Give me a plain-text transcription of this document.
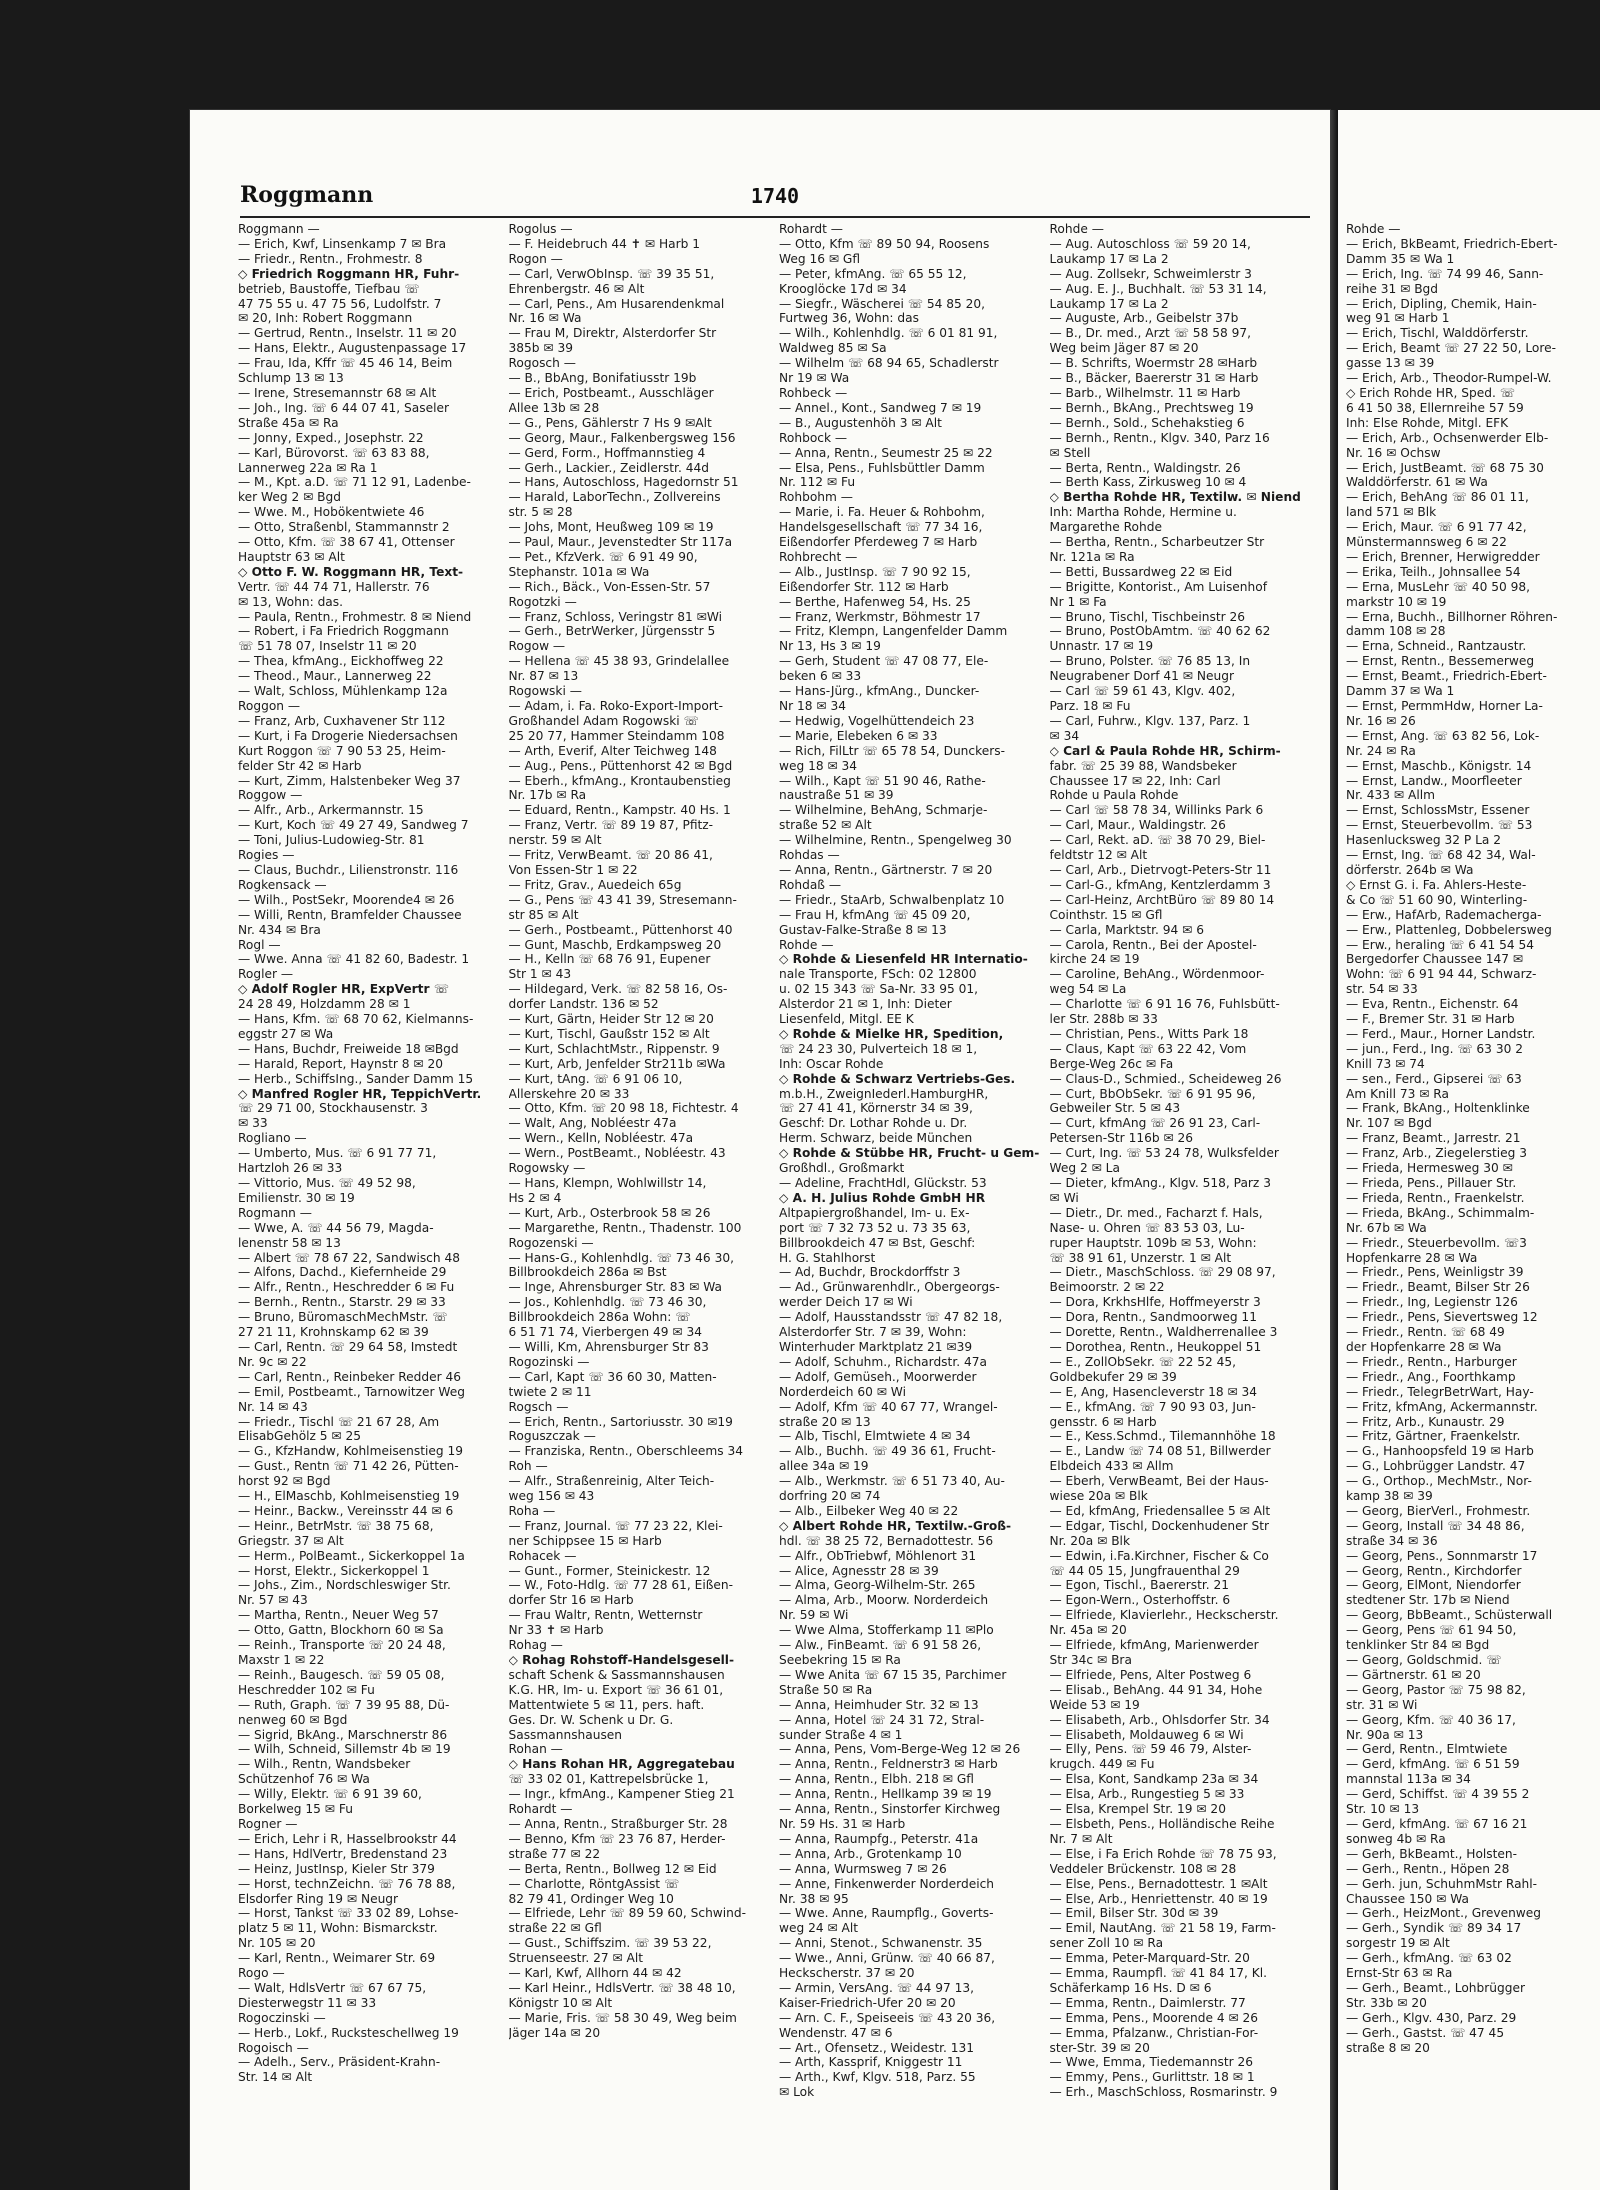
Roggmann	1740
Roggmann —
— Erich, Kwf, Linsenkamp 7 ✉ Bra
— Friedr., Rentn., Frohmestr. 8
◇ Friedrich Roggmann HR, Fuhr-
betrieb, Baustoffe, Tiefbau ☏
47 75 55 u. 47 75 56, Ludolfstr. 7
✉ 20, Inh: Robert Roggmann
— Gertrud, Rentn., Inselstr. 11 ✉ 20
— Hans, Elektr., Augustenpassage 17
— Frau, Ida, Kffr ☏ 45 46 14, Beim
Schlump 13 ✉ 13
— Irene, Stresemannstr 68 ✉ Alt
— Joh., Ing. ☏ 6 44 07 41, Saseler
Straße 45a ✉ Ra
— Jonny, Exped., Josephstr. 22
— Karl, Bürovorst. ☏ 63 83 88,
Lannerweg 22a ✉ Ra 1
— M., Kpt. a.D. ☏ 71 12 91, Ladenbe-
ker Weg 2 ✉ Bgd
— Wwe. M., Hobökentwiete 46
— Otto, Straßenbl, Stammannstr 2
— Otto, Kfm. ☏ 38 67 41, Ottenser
Hauptstr 63 ✉ Alt
◇ Otto F. W. Roggmann HR, Text-
Vertr. ☏ 44 74 71, Hallerstr. 76
✉ 13, Wohn: das.
— Paula, Rentn., Frohmestr. 8 ✉ Niend
— Robert, i Fa Friedrich Roggmann
☏ 51 78 07, Inselstr 11 ✉ 20
— Thea, kfmAng., Eickhoffweg 22
— Theod., Maur., Lannerweg 22
— Walt, Schloss, Mühlenkamp 12a
Roggon —
— Franz, Arb, Cuxhavener Str 112
— Kurt, i Fa Drogerie Niedersachsen
Kurt Roggon ☏ 7 90 53 25, Heim-
felder Str 42 ✉ Harb
— Kurt, Zimm, Halstenbeker Weg 37
Roggow —
— Alfr., Arb., Arkermannstr. 15
— Kurt, Koch ☏ 49 27 49, Sandweg 7
— Toni, Julius-Ludowieg-Str. 81
Rogies —
— Claus, Buchdr., Lilienstronstr. 116
Rogkensack —
— Wilh., PostSekr, Moorende4 ✉ 26
— Willi, Rentn, Bramfelder Chaussee
Nr. 434 ✉ Bra
Rogl —
— Wwe. Anna ☏ 41 82 60, Badestr. 1
Rogler —
◇ Adolf Rogler HR, ExpVertr ☏
24 28 49, Holzdamm 28 ✉ 1
— Hans, Kfm. ☏ 68 70 62, Kielmanns-
eggstr 27 ✉ Wa
— Hans, Buchdr, Freiweide 18 ✉Bgd
— Harald, Report, Haynstr 8 ✉ 20
— Herb., SchiffsIng., Sander Damm 15
◇ Manfred Rogler HR, TeppichVertr.
☏ 29 71 00, Stockhausenstr. 3
✉ 33
Rogliano —
— Umberto, Mus. ☏ 6 91 77 71,
Hartzloh 26 ✉ 33
— Vittorio, Mus. ☏ 49 52 98,
Emilienstr. 30 ✉ 19
Rogmann —
— Wwe, A. ☏ 44 56 79, Magda-
lenenstr 58 ✉ 13
— Albert ☏ 78 67 22, Sandwisch 48
— Alfons, Dachd., Kiefernheide 29
— Alfr., Rentn., Heschredder 6 ✉ Fu
— Bernh., Rentn., Starstr. 29 ✉ 33
— Bruno, BüromaschMechMstr. ☏
27 21 11, Krohnskamp 62 ✉ 39
— Carl, Rentn. ☏ 29 64 58, Imstedt
Nr. 9c ✉ 22
— Carl, Rentn., Reinbeker Redder 46
— Emil, Postbeamt., Tarnowitzer Weg
Nr. 14 ✉ 43
— Friedr., Tischl ☏ 21 67 28, Am
ElisabGehölz 5 ✉ 25
— G., KfzHandw, Kohlmeisenstieg 19
— Gust., Rentn ☏ 71 42 26, Pütten-
horst 92 ✉ Bgd
— H., ElMaschb, Kohlmeisenstieg 19
— Heinr., Backw., Vereinsstr 44 ✉ 6
— Heinr., BetrMstr. ☏ 38 75 68,
Griegstr. 37 ✉ Alt
— Herm., PolBeamt., Sickerkoppel 1a
— Horst, Elektr., Sickerkoppel 1
— Johs., Zim., Nordschleswiger Str.
Nr. 57 ✉ 43
— Martha, Rentn., Neuer Weg 57
— Otto, Gattn, Blockhorn 60 ✉ Sa
— Reinh., Transporte ☏ 20 24 48,
Maxstr 1 ✉ 22
— Reinh., Baugesch. ☏ 59 05 08,
Heschredder 102 ✉ Fu
— Ruth, Graph. ☏ 7 39 95 88, Dü-
nenweg 60 ✉ Bgd
— Sigrid, BkAng., Marschnerstr 86
— Wilh, Schneid, Sillemstr 4b ✉ 19
— Wilh., Rentn, Wandsbeker
Schützenhof 76 ✉ Wa
— Willy, Elektr. ☏ 6 91 39 60,
Borkelweg 15 ✉ Fu
Rogner —
— Erich, Lehr i R, Hasselbrookstr 44
— Hans, HdlVertr, Bredenstand 23
— Heinz, JustInsp, Kieler Str 379
— Horst, technZeichn. ☏ 76 78 88,
Elsdorfer Ring 19 ✉ Neugr
— Horst, Tankst ☏ 33 02 89, Lohse-
platz 5 ✉ 11, Wohn: Bismarckstr.
Nr. 105 ✉ 20
— Karl, Rentn., Weimarer Str. 69
Rogo —
— Walt, HdlsVertr ☏ 67 67 75,
Diesterwegstr 11 ✉ 33
Rogoczinski —
— Herb., Lokf., Rucksteschellweg 19
Rogoisch —
— Adelh., Serv., Präsident-Krahn-
Str. 14 ✉ Alt
Rogolus —
— F. Heidebruch 44 ✝ ✉ Harb 1
Rogon —
— Carl, VerwObInsp. ☏ 39 35 51,
Ehrenbergstr. 46 ✉ Alt
— Carl, Pens., Am Husarendenkmal
Nr. 16 ✉ Wa
— Frau M, Direktr, Alsterdorfer Str
385b ✉ 39
Rogosch —
— B., BbAng, Bonifatiusstr 19b
— Erich, Postbeamt., Ausschläger
Allee 13b ✉ 28
— G., Pens, Gählerstr 7 Hs 9 ✉Alt
— Georg, Maur., Falkenbergsweg 156
— Gerd, Form., Hoffmannstieg 4
— Gerh., Lackier., Zeidlerstr. 44d
— Hans, Autoschloss, Hagedornstr 51
— Harald, LaborTechn., Zollvereins
str. 5 ✉ 28
— Johs, Mont, Heußweg 109 ✉ 19
— Paul, Maur., Jevenstedter Str 117a
— Pet., KfzVerk. ☏ 6 91 49 90,
Stephanstr. 101a ✉ Wa
— Rich., Bäck., Von-Essen-Str. 57
Rogotzki —
— Franz, Schloss, Veringstr 81 ✉Wi
— Gerh., BetrWerker, Jürgensstr 5
Rogow —
— Hellena ☏ 45 38 93, Grindelallee
Nr. 87 ✉ 13
Rogowski —
— Adam, i. Fa. Roko-Export-Import-
Großhandel Adam Rogowski ☏
25 20 77, Hammer Steindamm 108
— Arth, Everif, Alter Teichweg 148
— Aug., Pens., Püttenhorst 42 ✉ Bgd
— Eberh., kfmAng., Krontaubenstieg
Nr. 17b ✉ Ra
— Eduard, Rentn., Kampstr. 40 Hs. 1
— Franz, Vertr. ☏ 89 19 87, Pfitz-
nerstr. 59 ✉ Alt
— Fritz, VerwBeamt. ☏ 20 86 41,
Von Essen-Str 1 ✉ 22
— Fritz, Grav., Auedeich 65g
— G., Pens ☏ 43 41 39, Stresemann-
str 85 ✉ Alt
— Gerh., Postbeamt., Püttenhorst 40
— Gunt, Maschb, Erdkampsweg 20
— H., Kelln ☏ 68 76 91, Eupener
Str 1 ✉ 43
— Hildegard, Verk. ☏ 82 58 16, Os-
dorfer Landstr. 136 ✉ 52
— Kurt, Gärtn, Heider Str 12 ✉ 20
— Kurt, Tischl, Gaußstr 152 ✉ Alt
— Kurt, SchlachtMstr., Rippenstr. 9
— Kurt, Arb, Jenfelder Str211b ✉Wa
— Kurt, tAng. ☏ 6 91 06 10,
Allerskehre 20 ✉ 33
— Otto, Kfm. ☏ 20 98 18, Fichtestr. 4
— Walt, Ang, Nobléestr 47a
— Wern., Kelln, Nobléestr. 47a
— Wern., PostBeamt., Nobléestr. 43
Rogowsky —
— Hans, Klempn, Wohlwillstr 14,
Hs 2 ✉ 4
— Kurt, Arb., Osterbrook 58 ✉ 26
— Margarethe, Rentn., Thadenstr. 100
Rogozenski —
— Hans-G., Kohlenhdlg. ☏ 73 46 30,
Billbrookdeich 286a ✉ Bst
— Inge, Ahrensburger Str. 83 ✉ Wa
— Jos., Kohlenhdlg. ☏ 73 46 30,
Billbrookdeich 286a Wohn: ☏
6 51 71 74, Vierbergen 49 ✉ 34
— Willi, Km, Ahrensburger Str 83
Rogozinski —
— Carl, Kapt ☏ 36 60 30, Matten-
twiete 2 ✉ 11
Rogsch —
— Erich, Rentn., Sartoriusstr. 30 ✉19
Roguszczak —
— Franziska, Rentn., Oberschleems 34
Roh —
— Alfr., Straßenreinig, Alter Teich-
weg 156 ✉ 43
Roha —
— Franz, Journal. ☏ 77 23 22, Klei-
ner Schippsee 15 ✉ Harb
Rohacek —
— Gunt., Former, Steinickestr. 12
— W., Foto-Hdlg. ☏ 77 28 61, Eißen-
dorfer Str 16 ✉ Harb
— Frau Waltr, Rentn, Wetternstr
Nr 33 ✝ ✉ Harb
Rohag —
◇ Rohag Rohstoff-Handelsgesell-
schaft Schenk & Sassmannshausen
K.G. HR, Im- u. Export ☏ 36 61 01,
Mattentwiete 5 ✉ 11, pers. haft.
Ges. Dr. W. Schenk u Dr. G.
Sassmannshausen
Rohan —
◇ Hans Rohan HR, Aggregatebau
☏ 33 02 01, Kattrepelsbrücke 1,
— Ingr., kfmAng., Kampener Stieg 21
Rohardt —
— Anna, Rentn., Straßburger Str. 28
— Benno, Kfm ☏ 23 76 87, Herder-
straße 77 ✉ 22
— Berta, Rentn., Bollweg 12 ✉ Eid
— Charlotte, RöntgAssist ☏
82 79 41, Ordinger Weg 10
— Elfriede, Lehr ☏ 89 59 60, Schwind-
straße 22 ✉ Gfl
— Gust., Schiffszim. ☏ 39 53 22,
Struenseestr. 27 ✉ Alt
— Karl, Kwf, Allhorn 44 ✉ 42
— Karl Heinr., HdlsVertr. ☏ 38 48 10,
Königstr 10 ✉ Alt
— Marie, Fris. ☏ 58 30 49, Weg beim
Jäger 14a ✉ 20
Rohardt —
— Otto, Kfm ☏ 89 50 94, Roosens
Weg 16 ✉ Gfl
— Peter, kfmAng. ☏ 65 55 12,
Krooglöcke 17d ✉ 34
— Siegfr., Wäscherei ☏ 54 85 20,
Furtweg 36, Wohn: das
— Wilh., Kohlenhdlg. ☏ 6 01 81 91,
Waldweg 85 ✉ Sa
— Wilhelm ☏ 68 94 65, Schadlerstr
Nr 19 ✉ Wa
Rohbeck —
— Annel., Kont., Sandweg 7 ✉ 19
— B., Augustenhöh 3 ✉ Alt
Rohbock —
— Anna, Rentn., Seumestr 25 ✉ 22
— Elsa, Pens., Fuhlsbüttler Damm
Nr. 112 ✉ Fu
Rohbohm —
— Marie, i. Fa. Heuer & Rohbohm,
Handelsgesellschaft ☏ 77 34 16,
Eißendorfer Pferdeweg 7 ✉ Harb
Rohbrecht —
— Alb., JustInsp. ☏ 7 90 92 15,
Eißendorfer Str. 112 ✉ Harb
— Berthe, Hafenweg 54, Hs. 25
— Franz, Werkmstr, Böhmestr 17
— Fritz, Klempn, Langenfelder Damm
Nr 13, Hs 3 ✉ 19
— Gerh, Student ☏ 47 08 77, Ele-
beken 6 ✉ 33
— Hans-Jürg., kfmAng., Duncker-
Nr 18 ✉ 34
— Hedwig, Vogelhüttendeich 23
— Marie, Elebeken 6 ✉ 33
— Rich, FilLtr ☏ 65 78 54, Dunckers-
weg 18 ✉ 34
— Wilh., Kapt ☏ 51 90 46, Rathe-
naustraße 51 ✉ 39
— Wilhelmine, BehAng, Schmarje-
straße 52 ✉ Alt
— Wilhelmine, Rentn., Spengelweg 30
Rohdas —
— Anna, Rentn., Gärtnerstr. 7 ✉ 20
Rohdaß —
— Friedr., StaArb, Schwalbenplatz 10
— Frau H, kfmAng ☏ 45 09 20,
Gustav-Falke-Straße 8 ✉ 13
Rohde —
◇ Rohde & Liesenfeld HR Internatio-
nale Transporte, FSch: 02 12800
u. 02 15 343 ☏ Sa-Nr. 33 95 01,
Alsterdor 21 ✉ 1, Inh: Dieter
Liesenfeld, Mitgl. EE K
◇ Rohde & Mielke HR, Spedition,
☏ 24 23 30, Pulverteich 18 ✉ 1,
Inh: Oscar Rohde
◇ Rohde & Schwarz Vertriebs-Ges.
m.b.H., ZweignIederl.HamburgHR,
☏ 27 41 41, Körnerstr 34 ✉ 39,
Geschf: Dr. Lothar Rohde u. Dr.
Herm. Schwarz, beide München
◇ Rohde & Stübbe HR, Frucht- u Gem-
Großhdl., Großmarkt
— Adeline, FrachtHdl, Glückstr. 53
◇ A. H. Julius Rohde GmbH HR
Altpapiergroßhandel, Im- u. Ex-
port ☏ 7 32 73 52 u. 73 35 63,
Billbrookdeich 47 ✉ Bst, Geschf:
H. G. Stahlhorst
— Ad, Buchdr, Brockdorffstr 3
— Ad., Grünwarenhdlr., Obergeorgs-
werder Deich 17 ✉ Wi
— Adolf, Hausstandsstr ☏ 47 82 18,
Alsterdorfer Str. 7 ✉ 39, Wohn:
Winterhuder Marktplatz 21 ✉39
— Adolf, Schuhm., Richardstr. 47a
— Adolf, Gemüseh., Moorwerder
Norderdeich 60 ✉ Wi
— Adolf, Kfm ☏ 40 67 77, Wrangel-
straße 20 ✉ 13
— Alb, Tischl, Elmtwiete 4 ✉ 34
— Alb., Buchh. ☏ 49 36 61, Frucht-
allee 34a ✉ 19
— Alb., Werkmstr. ☏ 6 51 73 40, Au-
dorfring 20 ✉ 74
— Alb., Eilbeker Weg 40 ✉ 22
◇ Albert Rohde HR, Textilw.-Groß-
hdl. ☏ 38 25 72, Bernadottestr. 56
— Alfr., ObTriebwf, Möhlenort 31
— Alice, Agnesstr 28 ✉ 39
— Alma, Georg-Wilhelm-Str. 265
— Alma, Arb., Moorw. Norderdeich
Nr. 59 ✉ Wi
— Wwe Alma, Stofferkamp 11 ✉Plo
— Alw., FinBeamt. ☏ 6 91 58 26,
Seebekring 15 ✉ Ra
— Wwe Anita ☏ 67 15 35, Parchimer
Straße 50 ✉ Ra
— Anna, Heimhuder Str. 32 ✉ 13
— Anna, Hotel ☏ 24 31 72, Stral-
sunder Straße 4 ✉ 1
— Anna, Pens, Vom-Berge-Weg 12 ✉ 26
— Anna, Rentn., Feldnerstr3 ✉ Harb
— Anna, Rentn., Elbh. 218 ✉ Gfl
— Anna, Rentn., Hellkamp 39 ✉ 19
— Anna, Rentn., Sinstorfer Kirchweg
Nr. 59 Hs. 31 ✉ Harb
— Anna, Raumpfg., Peterstr. 41a
— Anna, Arb., Grotenkamp 10
— Anna, Wurmsweg 7 ✉ 26
— Anne, Finkenwerder Norderdeich
Nr. 38 ✉ 95
— Wwe. Anne, Raumpflg., Goverts-
weg 24 ✉ Alt
— Anni, Stenot., Schwanenstr. 35
— Wwe., Anni, Grünw. ☏ 40 66 87,
Heckscherstr. 37 ✉ 20
— Armin, VersAng. ☏ 44 97 13,
Kaiser-Friedrich-Ufer 20 ✉ 20
— Arn. C. F., Speiseeis ☏ 43 20 36,
Wendenstr. 47 ✉ 6
— Art., Ofensetz., Weidestr. 131
— Arth, Kassprif, Kniggestr 11
— Arth., Kwf, Klgv. 518, Parz. 55
✉ Lok
Rohde —
— Aug. Autoschloss ☏ 59 20 14,
Laukamp 17 ✉ La 2
— Aug. Zollsekr, Schweimlerstr 3
— Aug. E. J., Buchhalt. ☏ 53 31 14,
Laukamp 17 ✉ La 2
— Auguste, Arb., Geibelstr 37b
— B., Dr. med., Arzt ☏ 58 58 97,
Weg beim Jäger 87 ✉ 20
— B. Schrifts, Woermstr 28 ✉Harb
— B., Bäcker, Baererstr 31 ✉ Harb
— Barb., Wilhelmstr. 11 ✉ Harb
— Bernh., BkAng., Prechtsweg 19
— Bernh., Sold., Schehakstieg 6
— Bernh., Rentn., Klgv. 340, Parz 16
✉ Stell
— Berta, Rentn., Waldingstr. 26
— Berth Kass, Zirkusweg 10 ✉ 4
◇ Bertha Rohde HR, Textilw. ✉ Niend
Inh: Martha Rohde, Hermine u.
Margarethe Rohde
— Bertha, Rentn., Scharbeutzer Str
Nr. 121a ✉ Ra
— Betti, Bussardweg 22 ✉ Eid
— Brigitte, Kontorist., Am Luisenhof
Nr 1 ✉ Fa
— Bruno, Tischl, Tischbeinstr 26
— Bruno, PostObAmtm. ☏ 40 62 62
Unnastr. 17 ✉ 19
— Bruno, Polster. ☏ 76 85 13, In
Neugrabener Dorf 41 ✉ Neugr
— Carl ☏ 59 61 43, Klgv. 402,
Parz. 18 ✉ Fu
— Carl, Fuhrw., Klgv. 137, Parz. 1
✉ 34
◇ Carl & Paula Rohde HR, Schirm-
fabr. ☏ 25 39 88, Wandsbeker
Chaussee 17 ✉ 22, Inh: Carl
Rohde u Paula Rohde
— Carl ☏ 58 78 34, Willinks Park 6
— Carl, Maur., Waldingstr. 26
— Carl, Rekt. aD. ☏ 38 70 29, Biel-
feldtstr 12 ✉ Alt
— Carl, Arb., Dietrvogt-Peters-Str 11
— Carl-G., kfmAng, Kentzlerdamm 3
— Carl-Heinz, ArchtBüro ☏ 89 80 14
Cointhstr. 15 ✉ Gfl
— Carla, Marktstr. 94 ✉ 6
— Carola, Rentn., Bei der Apostel-
kirche 24 ✉ 19
— Caroline, BehAng., Wördenmoor-
weg 54 ✉ La
— Charlotte ☏ 6 91 16 76, Fuhlsbütt-
ler Str. 288b ✉ 33
— Christian, Pens., Witts Park 18
— Claus, Kapt ☏ 63 22 42, Vom
Berge-Weg 26c ✉ Fa
— Claus-D., Schmied., Scheideweg 26
— Curt, BbObSekr. ☏ 6 91 95 96,
Gebweiler Str. 5 ✉ 43
— Curt, kfmAng ☏ 26 91 23, Carl-
Petersen-Str 116b ✉ 26
— Curt, Ing. ☏ 53 24 78, Wulksfelder
Weg 2 ✉ La
— Dieter, kfmAng., Klgv. 518, Parz 3
✉ Wi
— Dietr., Dr. med., Facharzt f. Hals,
Nase- u. Ohren ☏ 83 53 03, Lu-
ruper Hauptstr. 109b ✉ 53, Wohn:
☏ 38 91 61, Unzerstr. 1 ✉ Alt
— Dietr., MaschSchloss. ☏ 29 08 97,
Beimoorstr. 2 ✉ 22
— Dora, KrkhsHlfe, Hoffmeyerstr 3
— Dora, Rentn., Sandmoorweg 11
— Dorette, Rentn., Waldherrenallee 3
— Dorothea, Rentn., Heukoppel 51
— E., ZollObSekr. ☏ 22 52 45,
Goldbekufer 29 ✉ 39
— E, Ang, Hasencleverstr 18 ✉ 34
— E., kfmAng. ☏ 7 90 93 03, Jun-
gensstr. 6 ✉ Harb
— E., Kess.Schmd., Tilemannhöhe 18
— E., Landw ☏ 74 08 51, Billwerder
Elbdeich 433 ✉ Allm
— Eberh, VerwBeamt, Bei der Haus-
wiese 20a ✉ Blk
— Ed, kfmAng, Friedensallee 5 ✉ Alt
— Edgar, Tischl, Dockenhudener Str
Nr. 20a ✉ Blk
— Edwin, i.Fa.Kirchner, Fischer & Co
☏ 44 05 15, Jungfrauenthal 29
— Egon, Tischl., Baererstr. 21
— Egon-Wern., Osterhoffstr. 6
— Elfriede, Klavierlehr., Heckscherstr.
Nr. 45a ✉ 20
— Elfriede, kfmAng, Marienwerder
Str 34c ✉ Bra
— Elfriede, Pens, Alter Postweg 6
— Elisab., BehAng. 44 91 34, Hohe
Weide 53 ✉ 19
— Elisabeth, Arb., Ohlsdorfer Str. 34
— Elisabeth, Moldauweg 6 ✉ Wi
— Elly, Pens. ☏ 59 46 79, Alster-
krugch. 449 ✉ Fu
— Elsa, Kont, Sandkamp 23a ✉ 34
— Elsa, Arb., Rungestieg 5 ✉ 33
— Elsa, Krempel Str. 19 ✉ 20
— Elsbeth, Pens., Holländische Reihe
Nr. 7 ✉ Alt
— Else, i Fa Erich Rohde ☏ 78 75 93,
Veddeler Brückenstr. 108 ✉ 28
— Else, Pens., Bernadottestr. 1 ✉Alt
— Else, Arb., Henriettenstr. 40 ✉ 19
— Emil, Bilser Str. 30d ✉ 39
— Emil, NautAng. ☏ 21 58 19, Farm-
sener Zoll 10 ✉ Ra
— Emma, Peter-Marquard-Str. 20
— Emma, Raumpfl. ☏ 41 84 17, Kl.
Schäferkamp 16 Hs. D ✉ 6
— Emma, Rentn., Daimlerstr. 77
— Emma, Pens., Moorende 4 ✉ 26
— Emma, Pfalzanw., Christian-For-
ster-Str. 39 ✉ 20
— Wwe, Emma, Tiedemannstr 26
— Emmy, Pens., Gurlittstr. 18 ✉ 1
— Erh., MaschSchloss, Rosmarinstr. 9
Rohde —
— Erich, BkBeamt, Friedrich-Ebert-
Damm 35 ✉ Wa 1
— Erich, Ing. ☏ 74 99 46, Sann-
reihe 31 ✉ Bgd
— Erich, Dipling, Chemik, Hain-
weg 91 ✉ Harb 1
— Erich, Tischl, Walddörferstr.
— Erich, Beamt ☏ 27 22 50, Lore-
gasse 13 ✉ 39
— Erich, Arb., Theodor-Rumpel-W.
◇ Erich Rohde HR, Sped. ☏
6 41 50 38, Ellernreihe 57 59
Inh: Else Rohde, Mitgl. EFK
— Erich, Arb., Ochsenwerder Elb-
Nr. 16 ✉ Ochsw
— Erich, JustBeamt. ☏ 68 75 30
Walddörferstr. 61 ✉ Wa
— Erich, BehAng ☏ 86 01 11,
land 571 ✉ Blk
— Erich, Maur. ☏ 6 91 77 42,
Münstermannsweg 6 ✉ 22
— Erich, Brenner, Herwigredder
— Erika, Teilh., Johnsallee 54
— Erna, MusLehr ☏ 40 50 98,
markstr 10 ✉ 19
— Erna, Buchh., Billhorner Röhren-
damm 108 ✉ 28
— Erna, Schneid., Rantzaustr.
— Ernst, Rentn., Bessemerweg
— Ernst, Beamt., Friedrich-Ebert-
Damm 37 ✉ Wa 1
— Ernst, PermmHdw, Horner La-
Nr. 16 ✉ 26
— Ernst, Ang. ☏ 63 82 56, Lok-
Nr. 24 ✉ Ra
— Ernst, Maschb., Königstr. 14
— Ernst, Landw., Moorfleeter
Nr. 433 ✉ Allm
— Ernst, SchlossMstr, Essener
— Ernst, Steuerbevollm. ☏ 53
Hasenlucksweg 32 P La 2
— Ernst, Ing. ☏ 68 42 34, Wal-
dörferstr. 264b ✉ Wa
◇ Ernst G. i. Fa. Ahlers-Heste-
& Co ☏ 51 60 90, Winterling-
— Erw., HafArb, Rademacherga-
— Erw., Plattenleg, Dobbelersweg
— Erw., heraling ☏ 6 41 54 54
Bergedorfer Chaussee 147 ✉
Wohn: ☏ 6 91 94 44, Schwarz-
str. 54 ✉ 33
— Eva, Rentn., Eichenstr. 64
— F., Bremer Str. 31 ✉ Harb
— Ferd., Maur., Horner Landstr.
— jun., Ferd., Ing. ☏ 63 30 2
Knill 73 ✉ 74
— sen., Ferd., Gipserei ☏ 63
Am Knill 73 ✉ Ra
— Frank, BkAng., Holtenklinke
Nr. 107 ✉ Bgd
— Franz, Beamt., Jarrestr. 21
— Franz, Arb., Ziegelerstieg 3
— Frieda, Hermesweg 30 ✉
— Frieda, Pens., Pillauer Str.
— Frieda, Rentn., Fraenkelstr.
— Frieda, BkAng., Schimmalm-
Nr. 67b ✉ Wa
— Friedr., Steuerbevollm. ☏3
Hopfenkarre 28 ✉ Wa
— Friedr., Pens, Weinligstr 39
— Friedr., Beamt, Bilser Str 26
— Friedr., Ing, Legienstr 126
— Friedr., Pens, Sievertsweg 12
— Friedr., Rentn. ☏ 68 49
der Hopfenkarre 28 ✉ Wa
— Friedr., Rentn., Harburger
— Friedr., Ang., Foorthkamp
— Friedr., TelegrBetrWart, Hay-
— Fritz, kfmAng, Ackermannstr.
— Fritz, Arb., Kunaustr. 29
— Fritz, Gärtner, Fraenkelstr.
— G., Hanhoopsfeld 19 ✉ Harb
— G., Lohbrügger Landstr. 47
— G., Orthop., MechMstr., Nor-
kamp 38 ✉ 39
— Georg, BierVerl., Frohmestr.
— Georg, Install ☏ 34 48 86,
straße 34 ✉ 36
— Georg, Pens., Sonnmarstr 17
— Georg, Rentn., Kirchdorfer
— Georg, ElMont, Niendorfer
stedtener Str. 17b ✉ Niend
— Georg, BbBeamt., Schüsterwall
— Georg, Pens ☏ 61 94 50,
tenklinker Str 84 ✉ Bgd
— Georg, Goldschmid. ☏
— Gärtnerstr. 61 ✉ 20
— Georg, Pastor ☏ 75 98 82,
str. 31 ✉ Wi
— Georg, Kfm. ☏ 40 36 17,
Nr. 90a ✉ 13
— Gerd, Rentn., Elmtwiete
— Gerd, kfmAng. ☏ 6 51 59
mannstal 113a ✉ 34
— Gerd, Schiffst. ☏ 4 39 55 2
Str. 10 ✉ 13
— Gerd, kfmAng. ☏ 67 16 21
sonweg 4b ✉ Ra
— Gerh, BkBeamt., Holsten-
— Gerh., Rentn., Höpen 28
— Gerh. jun, SchuhmMstr Rahl-
Chaussee 150 ✉ Wa
— Gerh., HeizMont., Grevenweg
— Gerh., Syndik ☏ 89 34 17
sorgestr 19 ✉ Alt
— Gerh., kfmAng. ☏ 63 02
Ernst-Str 63 ✉ Ra
— Gerh., Beamt., Lohbrügger
Str. 33b ✉ 20
— Gerh., Klgv. 430, Parz. 29
— Gerh., Gastst. ☏ 47 45
straße 8 ✉ 20
